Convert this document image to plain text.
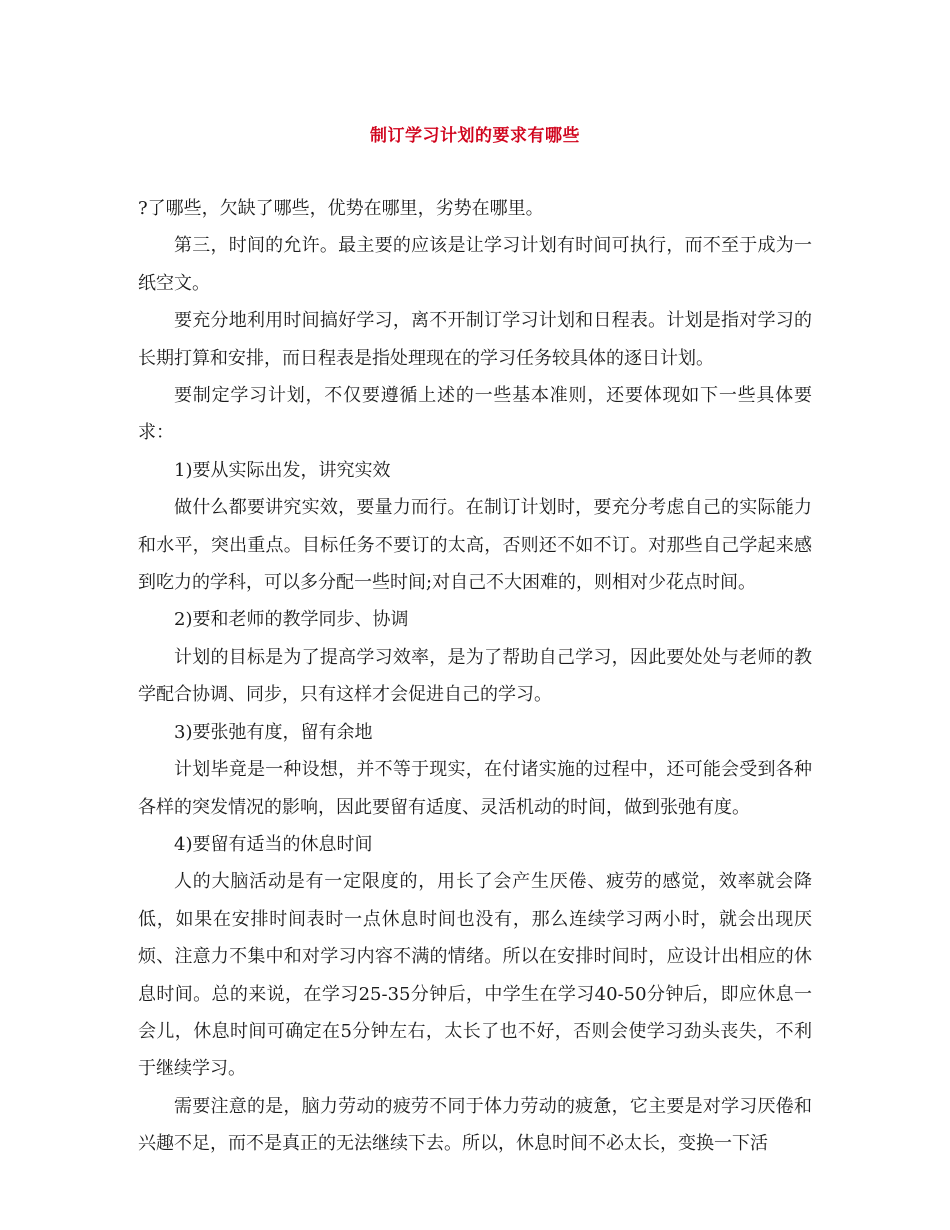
制订学习计划的要求有哪些

?了哪些，欠缺了哪些，优势在哪里，劣势在哪里。

第三，时间的允许。最主要的应该是让学习计划有时间可执行，而不至于成为一纸空文。

要充分地利用时间搞好学习，离不开制订学习计划和日程表。计划是指对学习的长期打算和安排，而日程表是指处理现在的学习任务较具体的逐日计划。

要制定学习计划，不仅要遵循上述的一些基本准则，还要体现如下一些具体要求：

1)要从实际出发，讲究实效

做什么都要讲究实效，要量力而行。在制订计划时，要充分考虑自己的实际能力和水平，突出重点。目标任务不要订的太高，否则还不如不订。对那些自己学起来感到吃力的学科，可以多分配一些时间;对自己不大困难的，则相对少花点时间。

2)要和老师的教学同步、协调

计划的目标是为了提高学习效率，是为了帮助自己学习，因此要处处与老师的教学配合协调、同步，只有这样才会促进自己的学习。

3)要张弛有度，留有余地

计划毕竟是一种设想，并不等于现实，在付诸实施的过程中，还可能会受到各种各样的突发情况的影响，因此要留有适度、灵活机动的时间，做到张弛有度。

4)要留有适当的休息时间

人的大脑活动是有一定限度的，用长了会产生厌倦、疲劳的感觉，效率就会降低，如果在安排时间表时一点休息时间也没有，那么连续学习两小时，就会出现厌烦、注意力不集中和对学习内容不满的情绪。所以在安排时间时，应设计出相应的休息时间。总的来说，在学习25-35分钟后，中学生在学习40-50分钟后，即应休息一会儿，休息时间可确定在5分钟左右，太长了也不好，否则会使学习劲头丧失，不利于继续学习。

需要注意的是，脑力劳动的疲劳不同于体力劳动的疲惫，它主要是对学习厌倦和兴趣不足，而不是真正的无法继续下去。所以，休息时间不必太长，变换一下活
